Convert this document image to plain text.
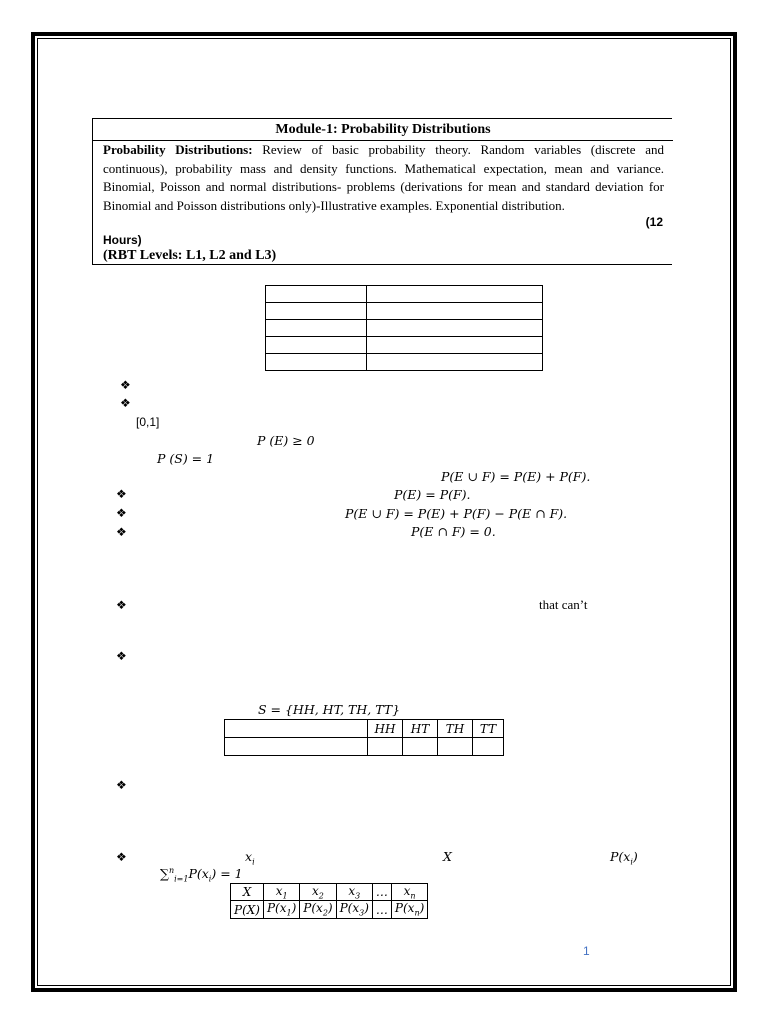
Module-1: Probability Distributions
Probability Distributions: Review of basic probability theory. Random variables (discrete and continuous), probability mass and density functions. Mathematical expectation, mean and variance. Binomial, Poisson and normal distributions- problems (derivations for mean and standard deviation for Binomial and Poisson distributions only)-Illustrative examples. Exponential distribution.
(12
Hours)
(RBT Levels: L1, L2 and L3)

❖
❖
❖
❖
❖
❖
❖
❖
❖
[0,1]
P (E) ≥ 0
P (S) = 1
P(E ∪ F) = P(E) + P(F).
P(E) = P(F).
P(E ∪ F) = P(E) + P(F) − P(E ∩ F).
P(E ∩ F) = 0.
that can’t
S = {HH, HT, TH, TT}
	HH	HT	TH	TT

$x_i$	X	$P(x_i)$
$\sum^n_{i=1}P(x_i) = 1$
X	$x_1$	$x_2$	$x_3$	…	$x_n$
P(X)	$P(x_1)$	$P(x_2)$	$P(x_3)$	…	$P(x_n)$
1
